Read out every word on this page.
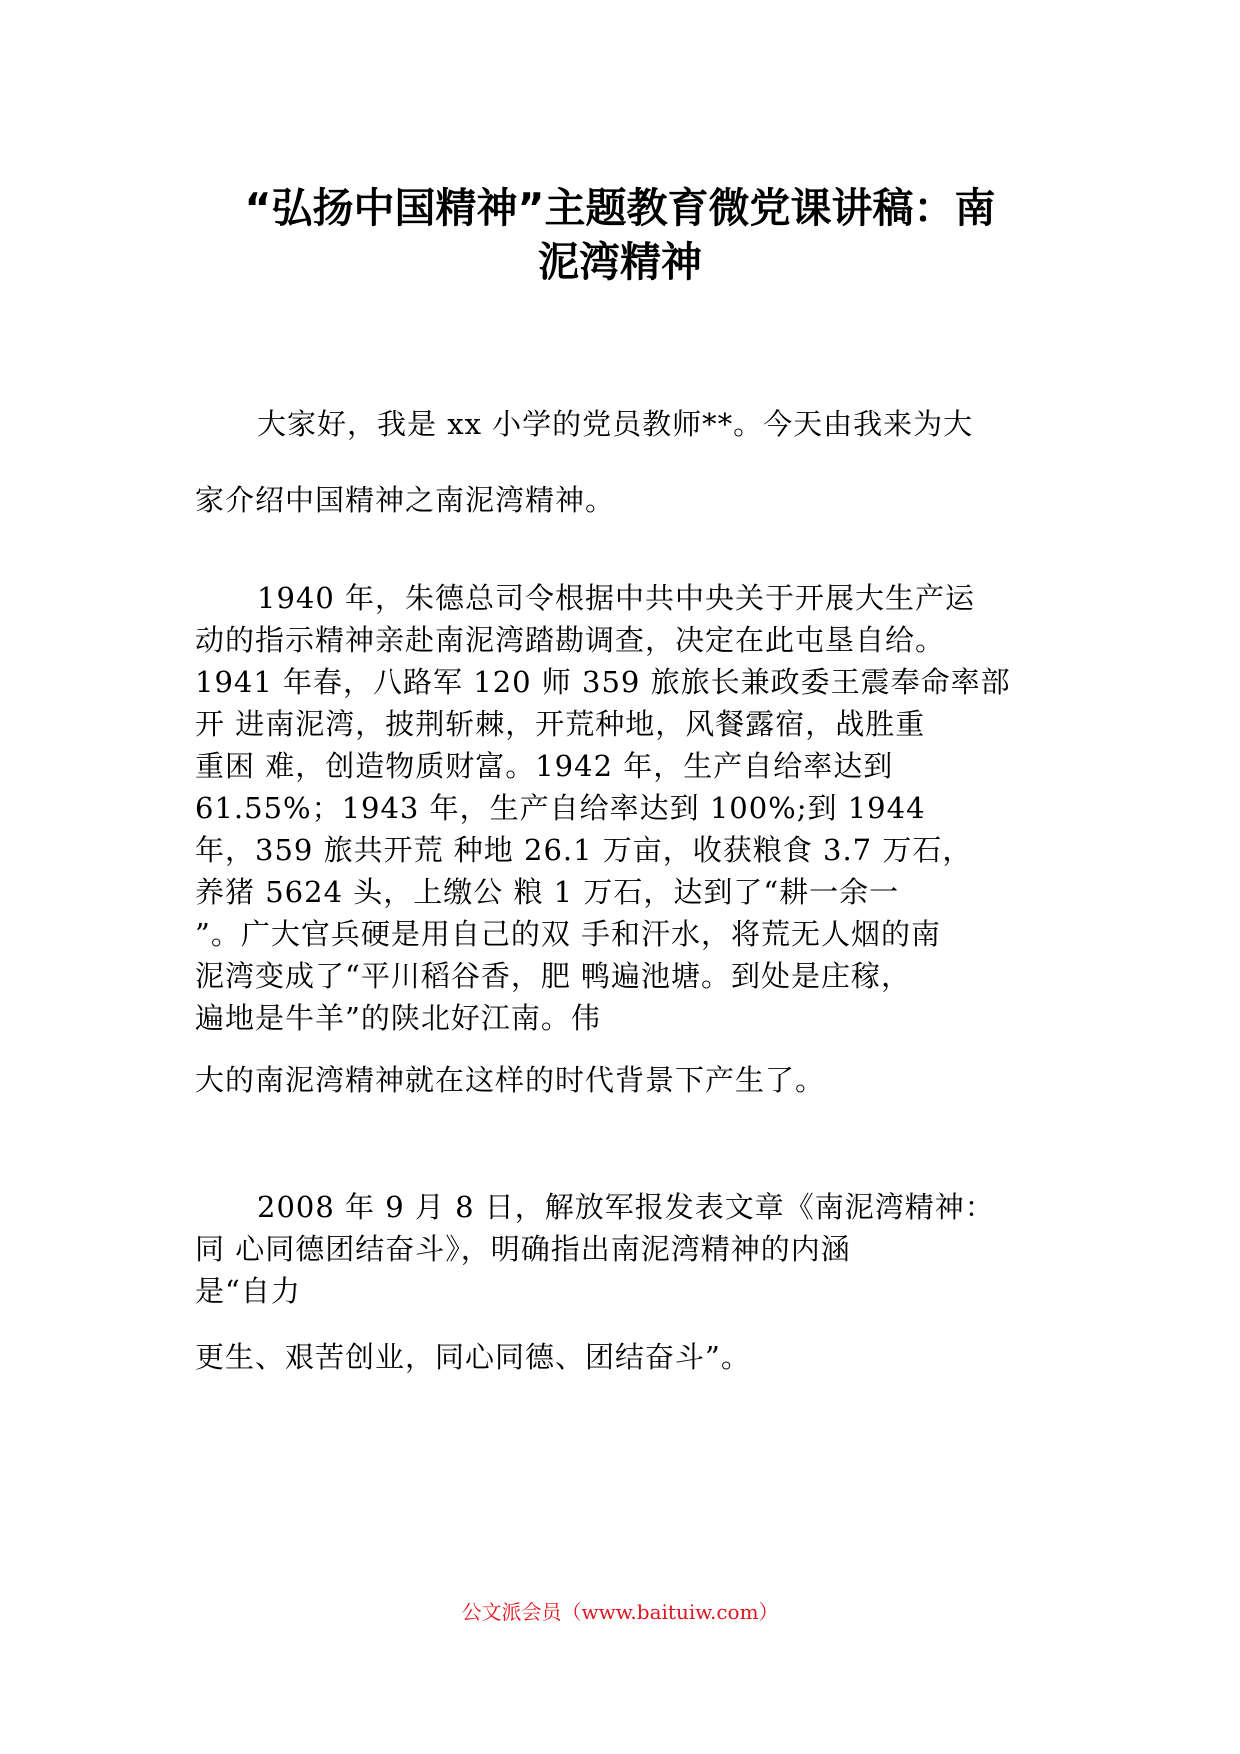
“弘扬中国精神”主题教育微党课讲稿：南
泥湾精神
大家好，我是 xx 小学的党员教师**。今天由我来为大
家介绍中国精神之南泥湾精神。
1940 年，朱德总司令根据中共中央关于开展大生产运
动的指示精神亲赴南泥湾踏勘调查，决定在此屯垦自给。
1941 年春，八路军 120 师 359 旅旅长兼政委王震奉命率部
开 进南泥湾，披荆斩棘，开荒种地，风餐露宿，战胜重
重困 难，创造物质财富。1942 年，生产自给率达到
61.55%；1943 年，生产自给率达到 100%;到 1944
年，359 旅共开荒 种地 26.1 万亩，收获粮食 3.7 万石，
养猪 5624 头，上缴公 粮 1 万石，达到了“耕一余一
”。广大官兵硬是用自己的双 手和汗水，将荒无人烟的南
泥湾变成了“平川稻谷香，肥 鸭遍池塘。到处是庄稼，
遍地是牛羊”的陕北好江南。伟
大的南泥湾精神就在这样的时代背景下产生了。
2008 年 9 月 8 日，解放军报发表文章《南泥湾精神：
同 心同德团结奋斗》，明确指出南泥湾精神的内涵
是“自力
更生、艰苦创业，同心同德、团结奋斗”。
公文派会员（www.baituiw.com）
